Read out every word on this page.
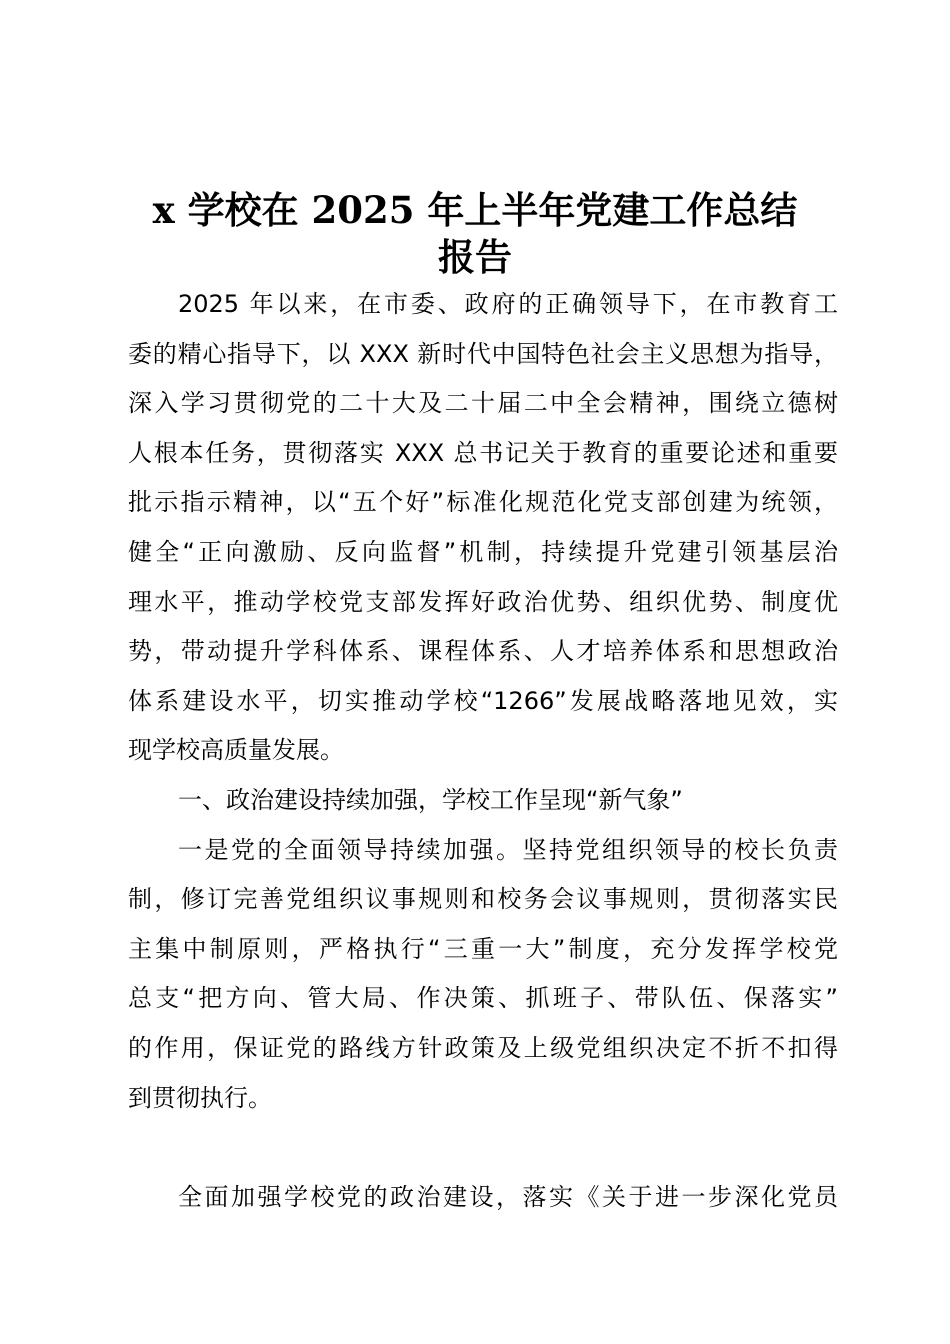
x 学校在 2025 年上半年党建工作总结
报告
2025 年以来，在市委、政府的正确领导下，在市教育工
委的精心指导下，以 XXX 新时代中国特色社会主义思想为指导，
深入学习贯彻党的二十大及二十届二中全会精神，围绕立德树
人根本任务，贯彻落实 XXX 总书记关于教育的重要论述和重要
批示指示精神，以“五个好”标准化规范化党支部创建为统领，
健全“正向激励、反向监督”机制，持续提升党建引领基层治
理水平，推动学校党支部发挥好政治优势、组织优势、制度优
势，带动提升学科体系、课程体系、人才培养体系和思想政治
体系建设水平，切实推动学校“1266”发展战略落地见效，实
现学校高质量发展。
一、政治建设持续加强，学校工作呈现“新气象”
一是党的全面领导持续加强。坚持党组织领导的校长负责
制，修订完善党组织议事规则和校务会议事规则，贯彻落实民
主集中制原则，严格执行“三重一大”制度，充分发挥学校党
总支“把方向、管大局、作决策、抓班子、带队伍、保落实”
的作用，保证党的路线方针政策及上级党组织决定不折不扣得
到贯彻执行。
全面加强学校党的政治建设，落实《关于进一步深化党员
